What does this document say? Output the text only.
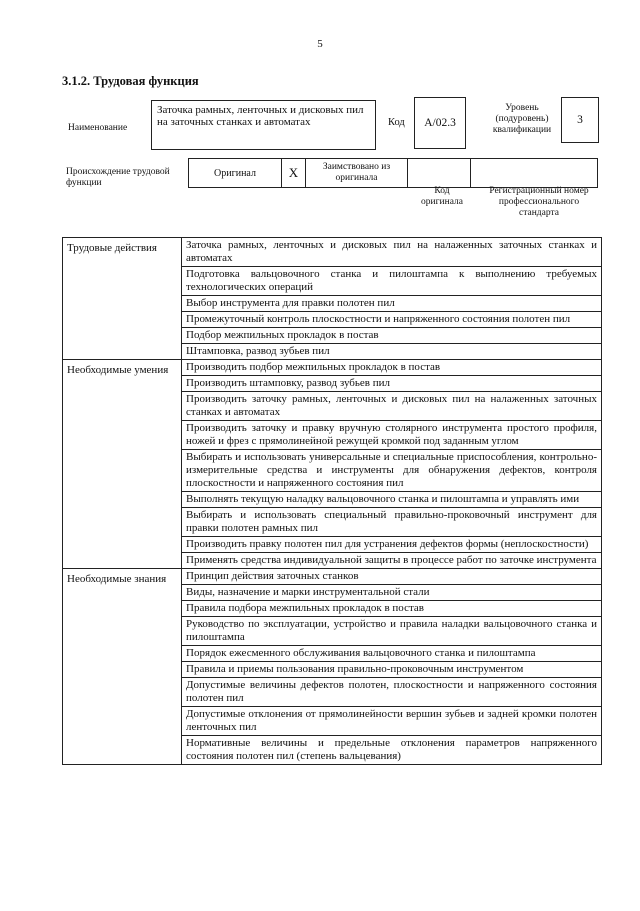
5
3.1.2. Трудовая функция
Наименование
Заточка рамных, ленточных и дисковых пил на заточных станках и автоматах	Код	А/02.3
Уровень (подуровень) квалификации
3
Происхождение трудовой функции
Оригинал	X	Заимствовано из оригинала
Код оригинала
Регистрационный номер профессионального стандарта
Трудовые действия	Заточка рамных, ленточных и дисковых пил на налаженных заточных станках и автоматах
	Подготовка вальцовочного станка и пилоштампа к выполнению требуемых технологических операций
	Выбор инструмента для правки полотен пил
	Промежуточный контроль плоскостности и напряженного состояния полотен пил
	Подбор межпильных прокладок в постав
	Штамповка, развод зубьев пил
Необходимые умения	Производить подбор межпильных прокладок в постав
	Производить штамповку, развод зубьев пил
	Производить заточку рамных, ленточных и дисковых пил на налаженных заточных станках и автоматах
	Производить заточку и правку вручную столярного инструмента простого профиля, ножей и фрез с прямолинейной режущей кромкой под заданным углом
	Выбирать и использовать универсальные и специальные приспособления, контрольно-измерительные средства и инструменты для обнаружения дефектов, контроля плоскостности и напряженного состояния пил
	Выполнять текущую наладку вальцовочного станка и пилоштампа и управлять ими
	Выбирать и использовать специальный правильно-проковочный инструмент для правки полотен рамных пил
	Производить правку полотен пил для устранения дефектов формы (неплоскостности)
	Применять средства индивидуальной защиты в процессе работ по заточке инструмента
Необходимые знания	Принцип действия заточных станков
	Виды, назначение и марки инструментальной стали
	Правила подбора межпильных прокладок в постав
	Руководство по эксплуатации, устройство и правила наладки вальцовочного станка и пилоштампа
	Порядок ежесменного обслуживания вальцовочного станка и пилоштампа
	Правила и приемы пользования правильно-проковочным инструментом
	Допустимые величины дефектов полотен, плоскостности и напряженного состояния полотен пил
	Допустимые отклонения от прямолинейности вершин зубьев и задней кромки полотен ленточных пил
	Нормативные величины и предельные отклонения параметров напряженного состояния полотен пил (степень вальцевания)
